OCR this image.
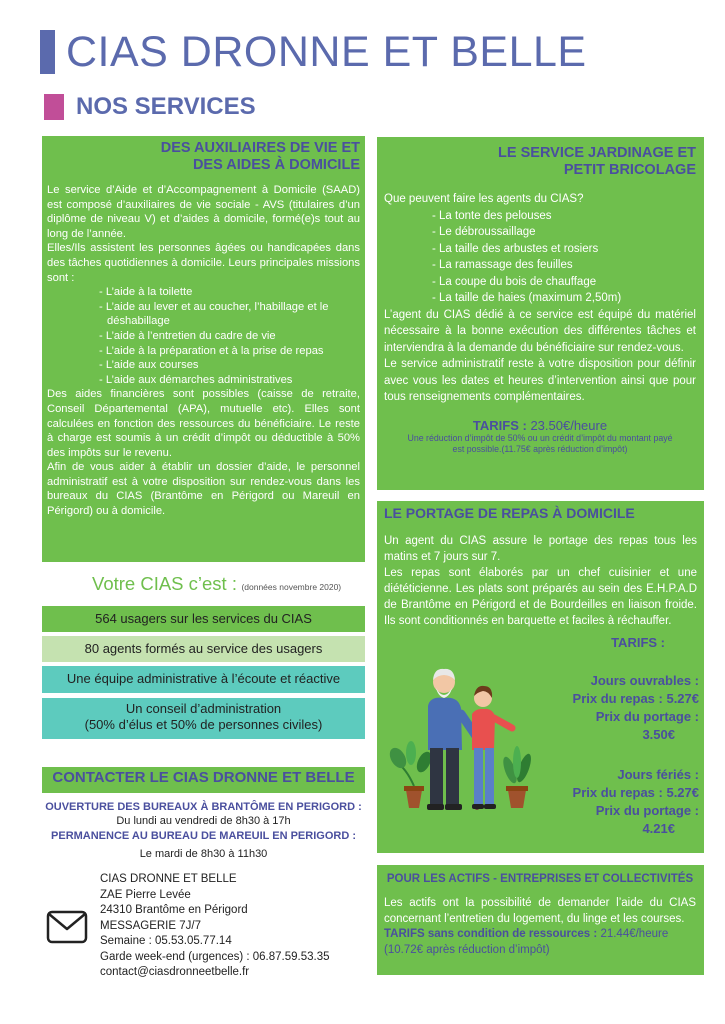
CIAS DRONNE ET BELLE
NOS SERVICES
DES AUXILIAIRES DE VIE ET
DES AIDES À DOMICILE

Le service d’Aide et d’Accompagnement à Domicile (SAAD) est composé d’auxiliaires de vie sociale - AVS (titulaires d’un diplôme de niveau V) et d’aides à domicile, formé(e)s tout au long de l’année.

Elles/Ils assistent les personnes âgées ou handicapées dans des tâches quotidiennes à domicile. Leurs principales missions sont :

- L’aide à la toilette
- L’aide au lever et au coucher, l’habillage et le déshabillage
- L’aide à l’entretien du cadre de vie
- L’aide à la préparation et à la prise de repas
- L’aide aux courses
- L’aide aux démarches administratives

Des aides financières sont possibles (caisse de retraite, Conseil Départemental (APA), mutuelle etc). Elles sont calculées en fonction des ressources du bénéficiaire. Le reste à charge est soumis à un crédit d’impôt ou déductible à 50% des impôts sur le revenu.

Afin de vous aider à établir un dossier d’aide, le personnel administratif est à votre disposition sur rendez-vous dans les bureaux du CIAS (Brantôme en Périgord ou Mareuil en Périgord) ou à domicile.

Votre CIAS c’est : (données novembre 2020)
564 usagers sur les services du CIAS
80 agents formés au service des usagers
Une équipe administrative à l’écoute et réactive
Un conseil d’administration
(50% d’élus et 50% de personnes civiles)
CONTACTER LE CIAS DRONNE ET BELLE
OUVERTURE DES BUREAUX À BRANTÔME EN PERIGORD :
Du lundi au vendredi de 8h30 à 17h
PERMANENCE AU BUREAU DE MAREUIL EN PERIGORD :
Le mardi de 8h30 à 11h30
CIAS DRONNE ET BELLE
ZAE Pierre Levée
24310 Brantôme en Périgord
MESSAGERIE 7J/7
Semaine : 05.53.05.77.14
Garde week-end (urgences) : 06.87.59.53.35
contact@ciasdronneetbelle.fr
LE SERVICE JARDINAGE ET
PETIT BRICOLAGE

Que peuvent faire les agents du CIAS?

- La tonte des pelouses
- Le débroussaillage
- La taille des arbustes et rosiers
- La ramassage des feuilles
- La coupe du bois de chauffage
- La taille de haies (maximum 2,50m)

L’agent du CIAS dédié à ce service est équipé du matériel nécessaire à la bonne exécution des différentes tâches et interviendra à la demande du bénéficiaire sur rendez-vous.

Le service administratif reste à votre disposition pour définir avec vous les dates et heures d’intervention ainsi que pour tous renseignements complémentaires.

TARIFS : 23.50€/heure
Une réduction d’impôt de 50% ou un crédit d’impôt du montant payé
est possible.(11.75€ après réduction d’impôt)
LE PORTAGE DE REPAS À DOMICILE

Un agent du CIAS assure le portage des repas tous les matins et 7 jours sur 7.

Les repas sont élaborés par un chef cuisinier et une diététicienne. Les plats sont préparés au sein des E.H.P.A.D de Brantôme en Périgord et de Bourdeilles en liaison froide. Ils sont conditionnés en barquette et faciles à réchauffer.

TARIFS :
Jours ouvrables :
Prix du repas : 5.27€
Prix du portage :
3.50€
Jours fériés :
Prix du repas : 5.27€
Prix du portage :
4.21€
POUR LES ACTIFS - ENTREPRISES ET COLLECTIVITÉS

Les actifs ont la possibilité de demander l’aide du CIAS concernant l’entretien du logement, du linge et les courses.

TARIFS sans condition de ressources : 21.44€/heure
(10.72€ après réduction d’impôt)
